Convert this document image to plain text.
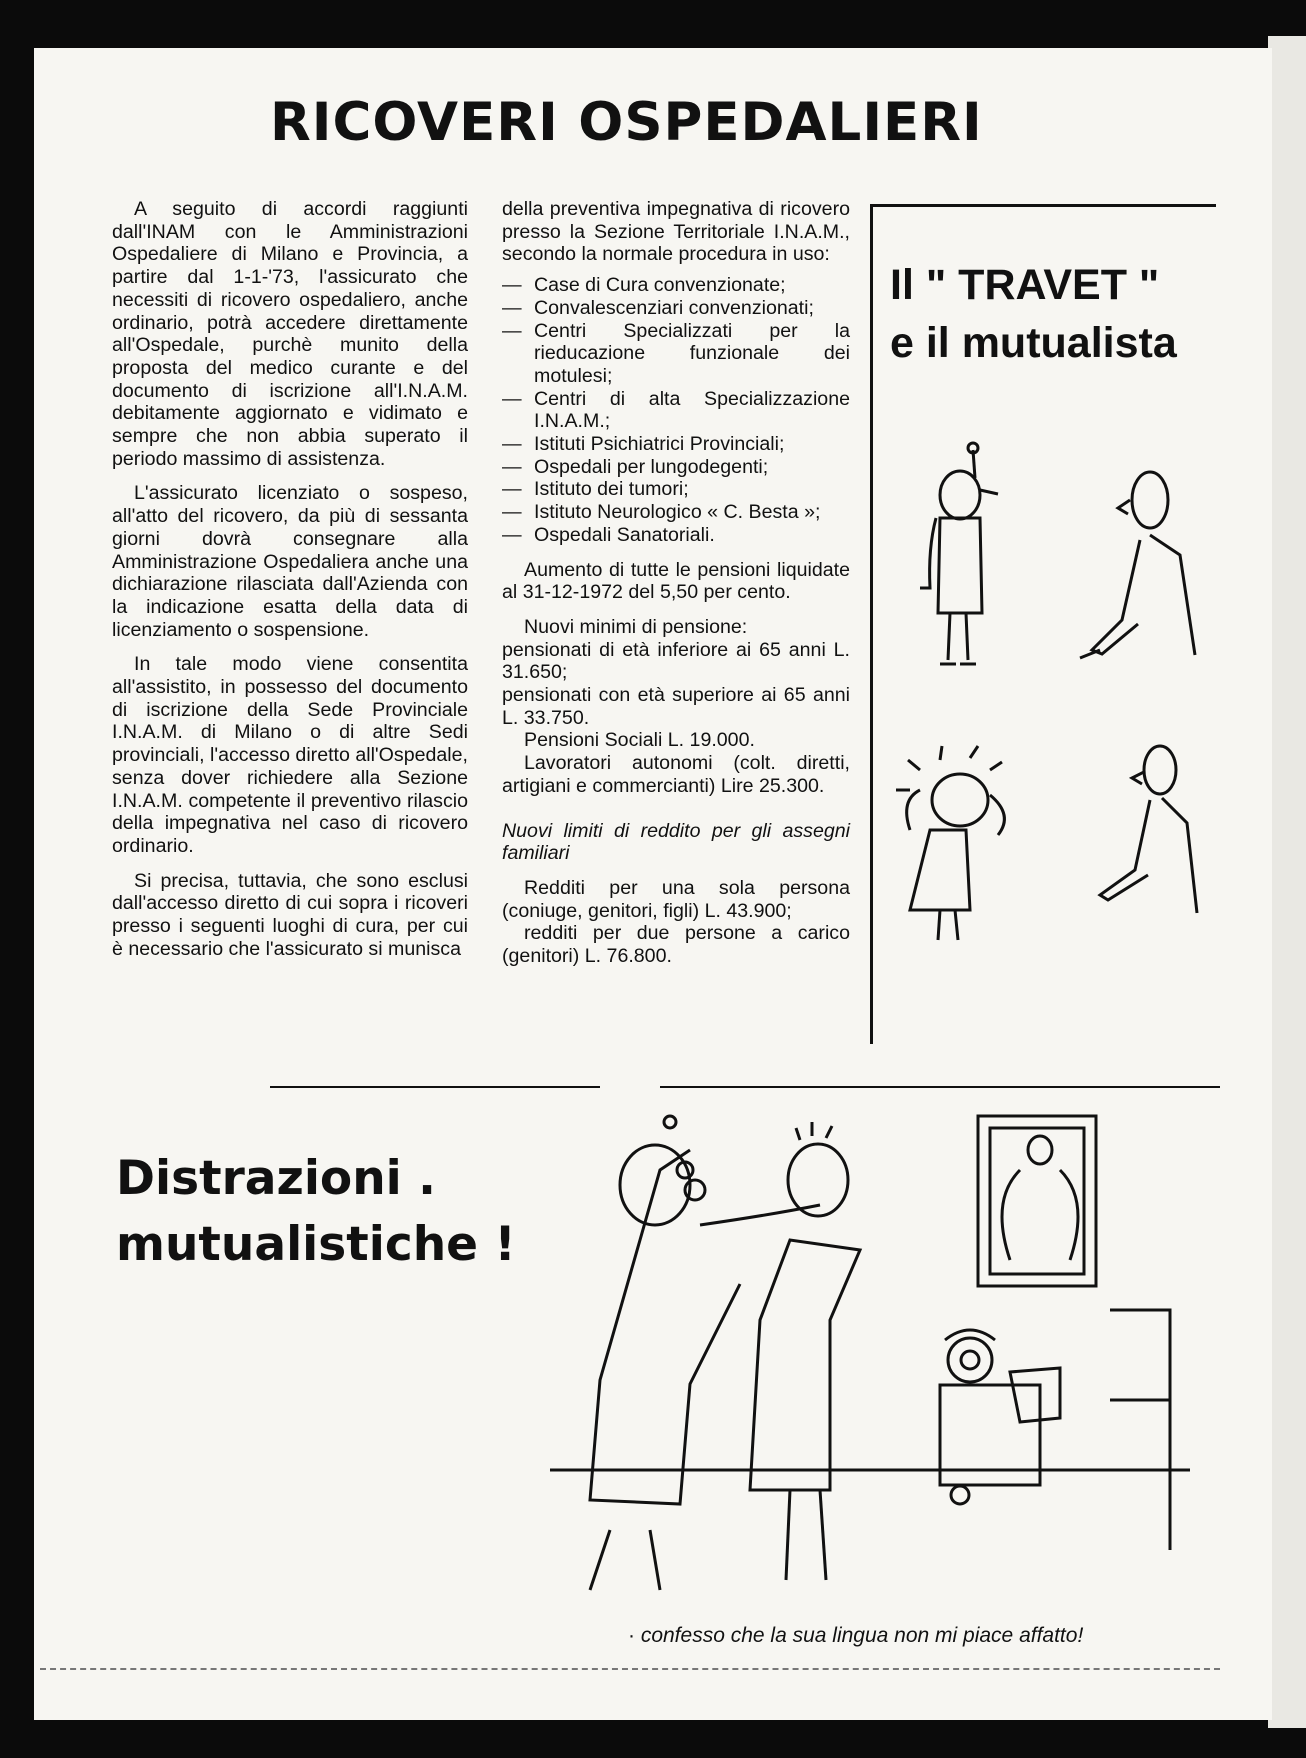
RICOVERI OSPEDALIERI

A seguito di accordi raggiunti dall'INAM con le Amministrazioni Ospedaliere di Milano e Provincia, a partire dal 1-1-'73, l'assicurato che necessiti di ricovero ospedaliero, anche ordinario, potrà accedere direttamente all'Ospedale, purchè munito della proposta del medico curante e del documento di iscrizione all'I.N.A.M. debitamente aggiornato e vidimato e sempre che non abbia superato il periodo massimo di assistenza.

L'assicurato licenziato o sospeso, all'atto del ricovero, da più di sessanta giorni dovrà consegnare alla Amministrazione Ospedaliera anche una dichiarazione rilasciata dall'Azienda con la indicazione esatta della data di licenziamento o sospensione.

In tale modo viene consentita all'assistito, in possesso del documento di iscrizione della Sede Provinciale I.N.A.M. di Milano o di altre Sedi provinciali, l'accesso diretto all'Ospedale, senza dover richiedere alla Sezione I.N.A.M. competente il preventivo rilascio della impegnativa nel caso di ricovero ordinario.

Si precisa, tuttavia, che sono esclusi dall'accesso diretto di cui sopra i ricoveri presso i seguenti luoghi di cura, per cui è necessario che l'assicurato si munisca

della preventiva impegnativa di ricovero presso la Sezione Territoriale I.N.A.M., secondo la normale procedura in uso:

— Case di Cura convenzionate;
— Convalescenziari convenzionati;
— Centri Specializzati per la rieducazione funzionale dei motulesi;
— Centri di alta Specializzazione I.N.A.M.;
— Istituti Psichiatrici Provinciali;
— Ospedali per lungodegenti;
— Istituto dei tumori;
— Istituto Neurologico « C. Besta »;
— Ospedali Sanatoriali.

Aumento di tutte le pensioni liquidate al 31-12-1972 del 5,50 per cento.

Nuovi minimi di pensione:

pensionati di età inferiore ai 65 anni L. 31.650;

pensionati con età superiore ai 65 anni L. 33.750.

Pensioni Sociali L. 19.000.

Lavoratori autonomi (colt. diretti, artigiani e commercianti) Lire 25.300.

Nuovi limiti di reddito per gli assegni familiari

Redditi per una sola persona (coniuge, genitori, figli) L. 43.900;

redditi per due persone a carico (genitori) L. 76.800.

Il " TRAVET "
e il mutualista
Distrazioni .
mutualistiche !

· confesso che la sua lingua non mi piace affatto!
